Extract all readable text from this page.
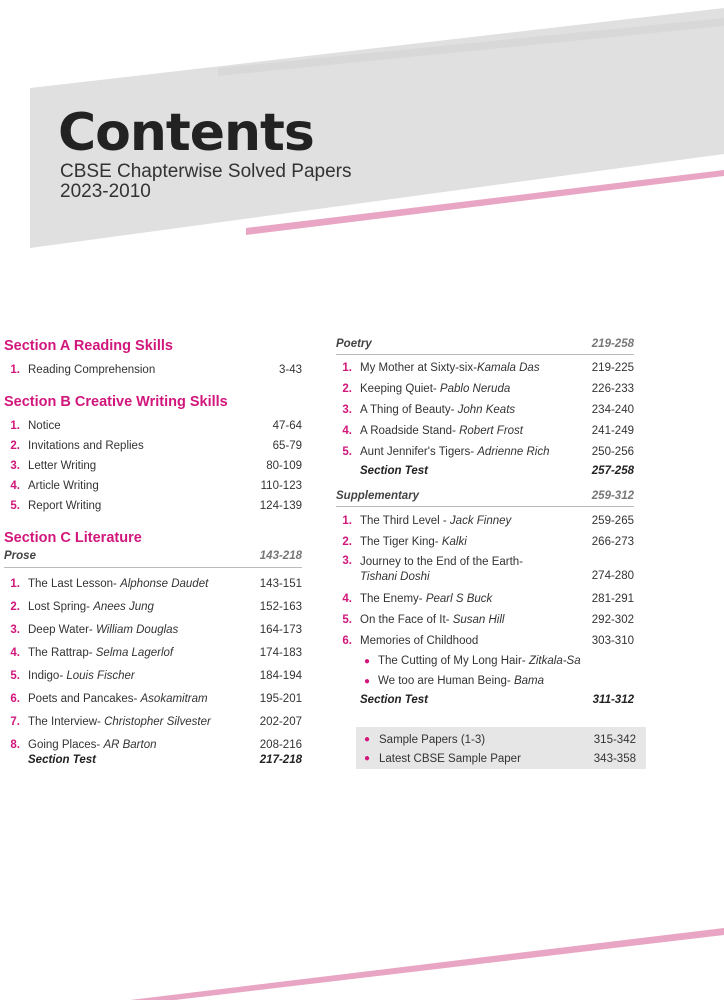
Contents
CBSE Chapterwise Solved Papers
2023-2010
Section A Reading Skills
1. Reading Comprehension	3-43
Section B Creative Writing Skills
1. Notice	47-64
2. Invitations and Replies	65-79
3. Letter Writing	80-109
4. Article Writing	110-123
5. Report Writing	124-139
Section C Literature
Prose	143-218
1. The Last Lesson- Alphonse Daudet	143-151
2. Lost Spring- Anees Jung	152-163
3. Deep Water- William Douglas	164-173
4. The Rattrap- Selma Lagerlof	174-183
5. Indigo- Louis Fischer	184-194
6. Poets and Pancakes- Asokamitram	195-201
7. The Interview- Christopher Silvester	202-207
8. Going Places- AR Barton	208-216
Section Test	217-218
Poetry	219-258
1. My Mother at Sixty-six-Kamala Das	219-225
2. Keeping Quiet- Pablo Neruda	226-233
3. A Thing of Beauty- John Keats	234-240
4. A Roadside Stand- Robert Frost	241-249
5. Aunt Jennifer's Tigers- Adrienne Rich	250-256
Section Test	257-258
Supplementary	259-312
1. The Third Level - Jack Finney	259-265
2. The Tiger King- Kalki	266-273
3. Journey to the End of the Earth-
Tishani Doshi	274-280
4. The Enemy- Pearl S Buck	281-291
5. On the Face of It- Susan Hill	292-302
6. Memories of Childhood	303-310
● The Cutting of My Long Hair- Zitkala-Sa
● We too are Human Being- Bama
Section Test	311-312
● Sample Papers (1-3)	315-342
● Latest CBSE Sample Paper	343-358
